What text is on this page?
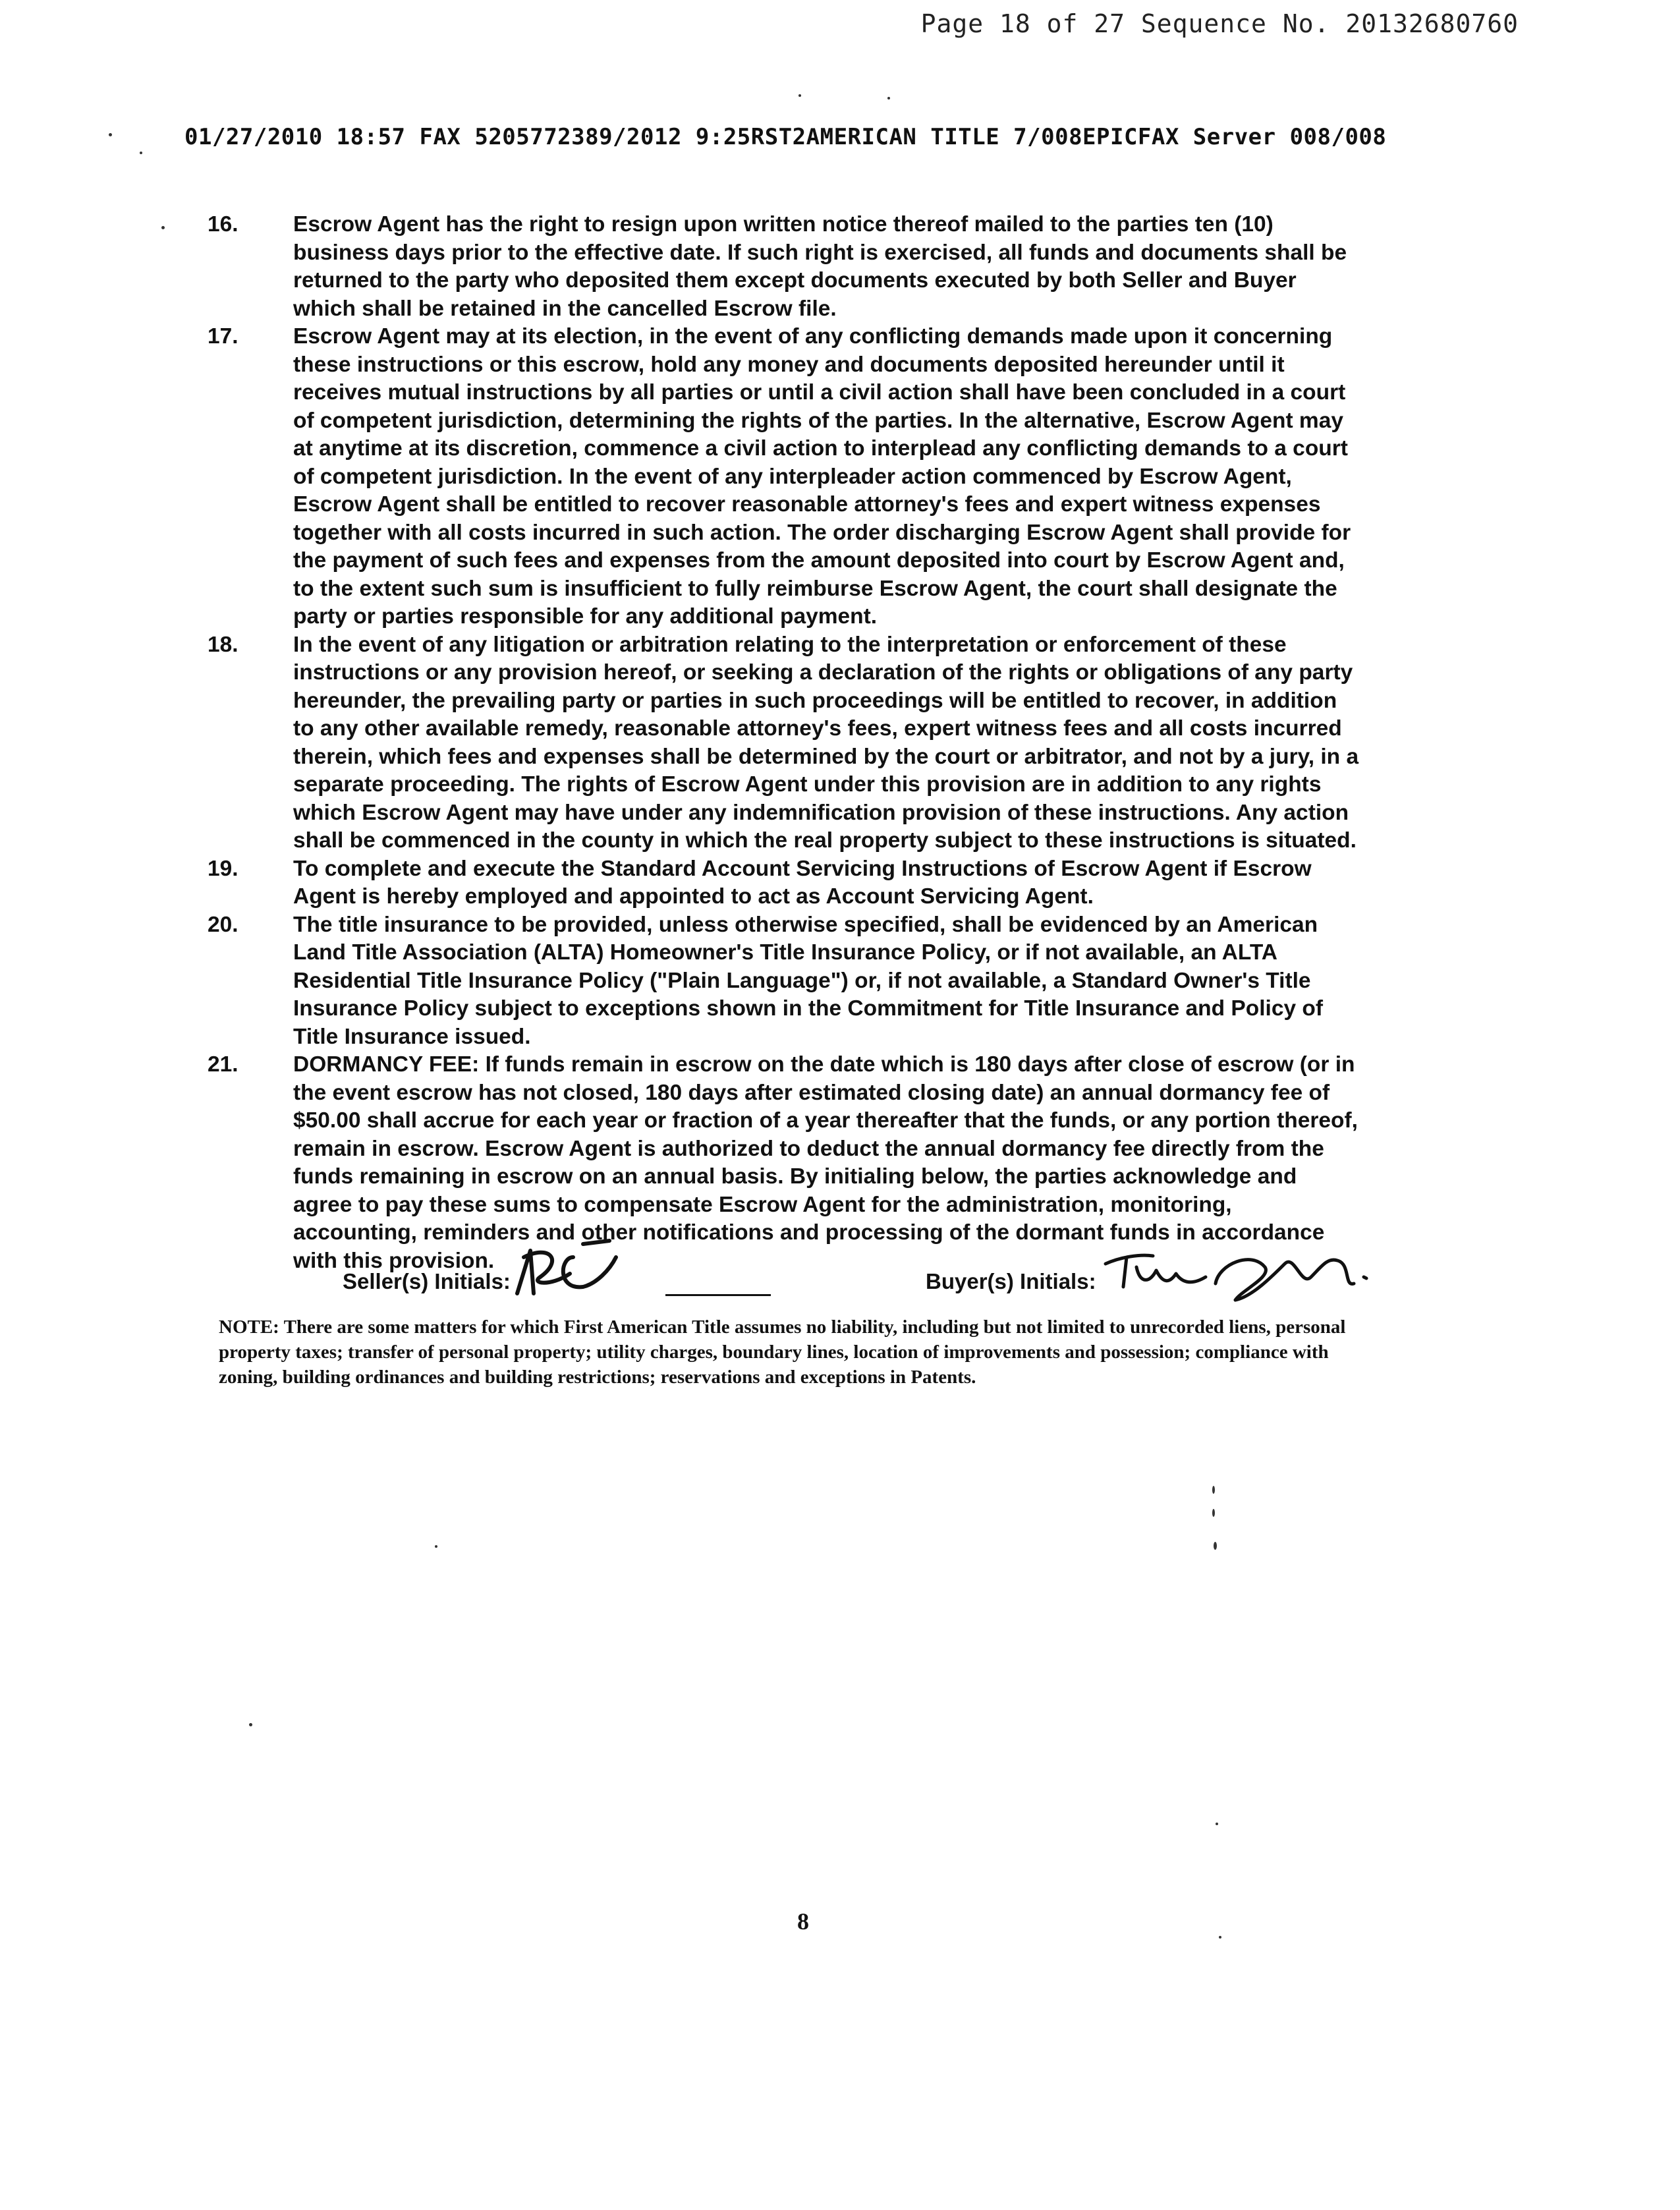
Page 18 of 27 Sequence No. 20132680760
01/27/2010 18:57 FAX 5205772389/2012 9:25RST2AMERICAN TITLE 7/008EPICFAX Server 008/008
16.	Escrow Agent has the right to resign upon written notice thereof mailed to the parties ten (10) business days prior to the effective date. If such right is exercised, all funds and documents shall be returned to the party who deposited them except documents executed by both Seller and Buyer which shall be retained in the cancelled Escrow file.
17.	Escrow Agent may at its election, in the event of any conflicting demands made upon it concerning these instructions or this escrow, hold any money and documents deposited hereunder until it receives mutual instructions by all parties or until a civil action shall have been concluded in a court of competent jurisdiction, determining the rights of the parties. In the alternative, Escrow Agent may at anytime at its discretion, commence a civil action to interplead any conflicting demands to a court of competent jurisdiction. In the event of any interpleader action commenced by Escrow Agent, Escrow Agent shall be entitled to recover reasonable attorney's fees and expert witness expenses together with all costs incurred in such action. The order discharging Escrow Agent shall provide for the payment of such fees and expenses from the amount deposited into court by Escrow Agent and, to the extent such sum is insufficient to fully reimburse Escrow Agent, the court shall designate the party or parties responsible for any additional payment.
18.	In the event of any litigation or arbitration relating to the interpretation or enforcement of these instructions or any provision hereof, or seeking a declaration of the rights or obligations of any party hereunder, the prevailing party or parties in such proceedings will be entitled to recover, in addition to any other available remedy, reasonable attorney's fees, expert witness fees and all costs incurred therein, which fees and expenses shall be determined by the court or arbitrator, and not by a jury, in a separate proceeding. The rights of Escrow Agent under this provision are in addition to any rights which Escrow Agent may have under any indemnification provision of these instructions. Any action shall be commenced in the county in which the real property subject to these instructions is situated.
19.	To complete and execute the Standard Account Servicing Instructions of Escrow Agent if Escrow Agent is hereby employed and appointed to act as Account Servicing Agent.
20.	The title insurance to be provided, unless otherwise specified, shall be evidenced by an American Land Title Association (ALTA) Homeowner's Title Insurance Policy, or if not available, an ALTA Residential Title Insurance Policy ("Plain Language") or, if not available, a Standard Owner's Title Insurance Policy subject to exceptions shown in the Commitment for Title Insurance and Policy of Title Insurance issued.
21.	DORMANCY FEE: If funds remain in escrow on the date which is 180 days after close of escrow (or in the event escrow has not closed, 180 days after estimated closing date) an annual dormancy fee of $50.00 shall accrue for each year or fraction of a year thereafter that the funds, or any portion thereof, remain in escrow. Escrow Agent is authorized to deduct the annual dormancy fee directly from the funds remaining in escrow on an annual basis. By initialing below, the parties acknowledge and agree to pay these sums to compensate Escrow Agent for the administration, monitoring, accounting, reminders and other notifications and processing of the dormant funds in accordance with this provision.
Seller(s) Initials:	Buyer(s) Initials:
NOTE: There are some matters for which First American Title assumes no liability, including but not limited to unrecorded liens, personal property taxes; transfer of personal property; utility charges, boundary lines, location of improvements and possession; compliance with zoning, building ordinances and building restrictions; reservations and exceptions in Patents.
8
